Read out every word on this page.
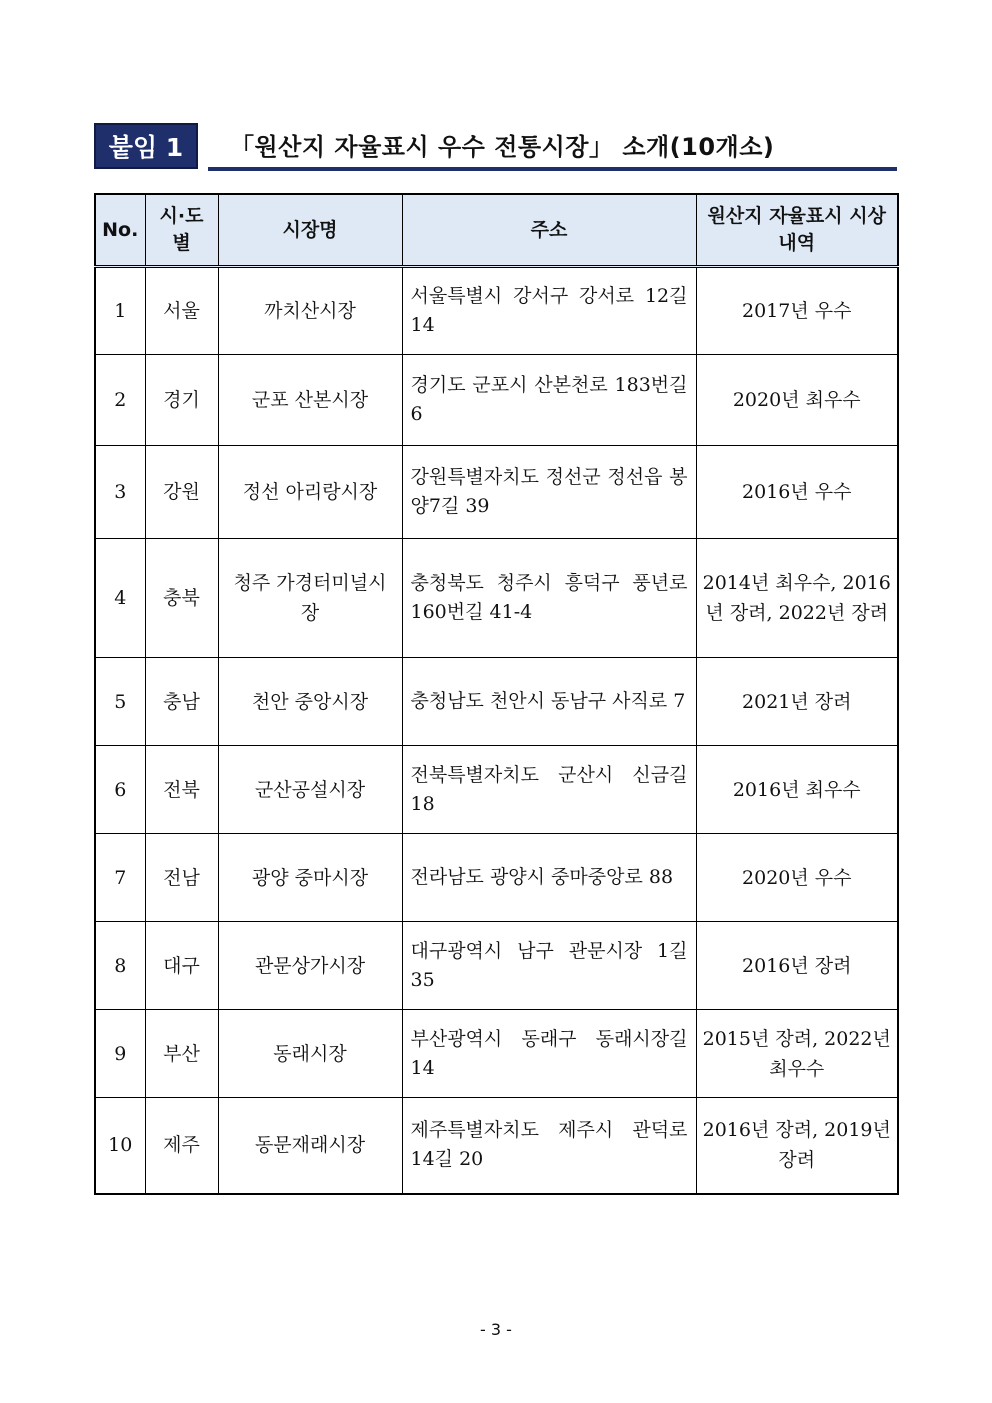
붙임 1	「원산지 자율표시 우수 전통시장」 소개(10개소)
No.	시·도별	시장명	주소	원산지 자율표시 시상 내역
1	서울	까치산시장	서울특별시 강서구 강서로 12길 14	2017년 우수
2	경기	군포 산본시장	경기도 군포시 산본천로 183번길 6	2020년 최우수
3	강원	정선 아리랑시장	강원특별자치도 정선군 정선읍 봉양7길 39	2016년 우수
4	충북	청주 가경터미널시장	충청북도 청주시 흥덕구 풍년로 160번길 41-4	2014년 최우수, 2016년 장려, 2022년 장려
5	충남	천안 중앙시장	충청남도 천안시 동남구 사직로 7	2021년 장려
6	전북	군산공설시장	전북특별자치도 군산시 신금길 18	2016년 최우수
7	전남	광양 중마시장	전라남도 광양시 중마중앙로 88	2020년 우수
8	대구	관문상가시장	대구광역시 남구 관문시장 1길 35	2016년 장려
9	부산	동래시장	부산광역시 동래구 동래시장길 14	2015년 장려, 2022년 최우수
10	제주	동문재래시장	제주특별자치도 제주시 관덕로 14길 20	2016년 장려, 2019년 장려
- 3 -
